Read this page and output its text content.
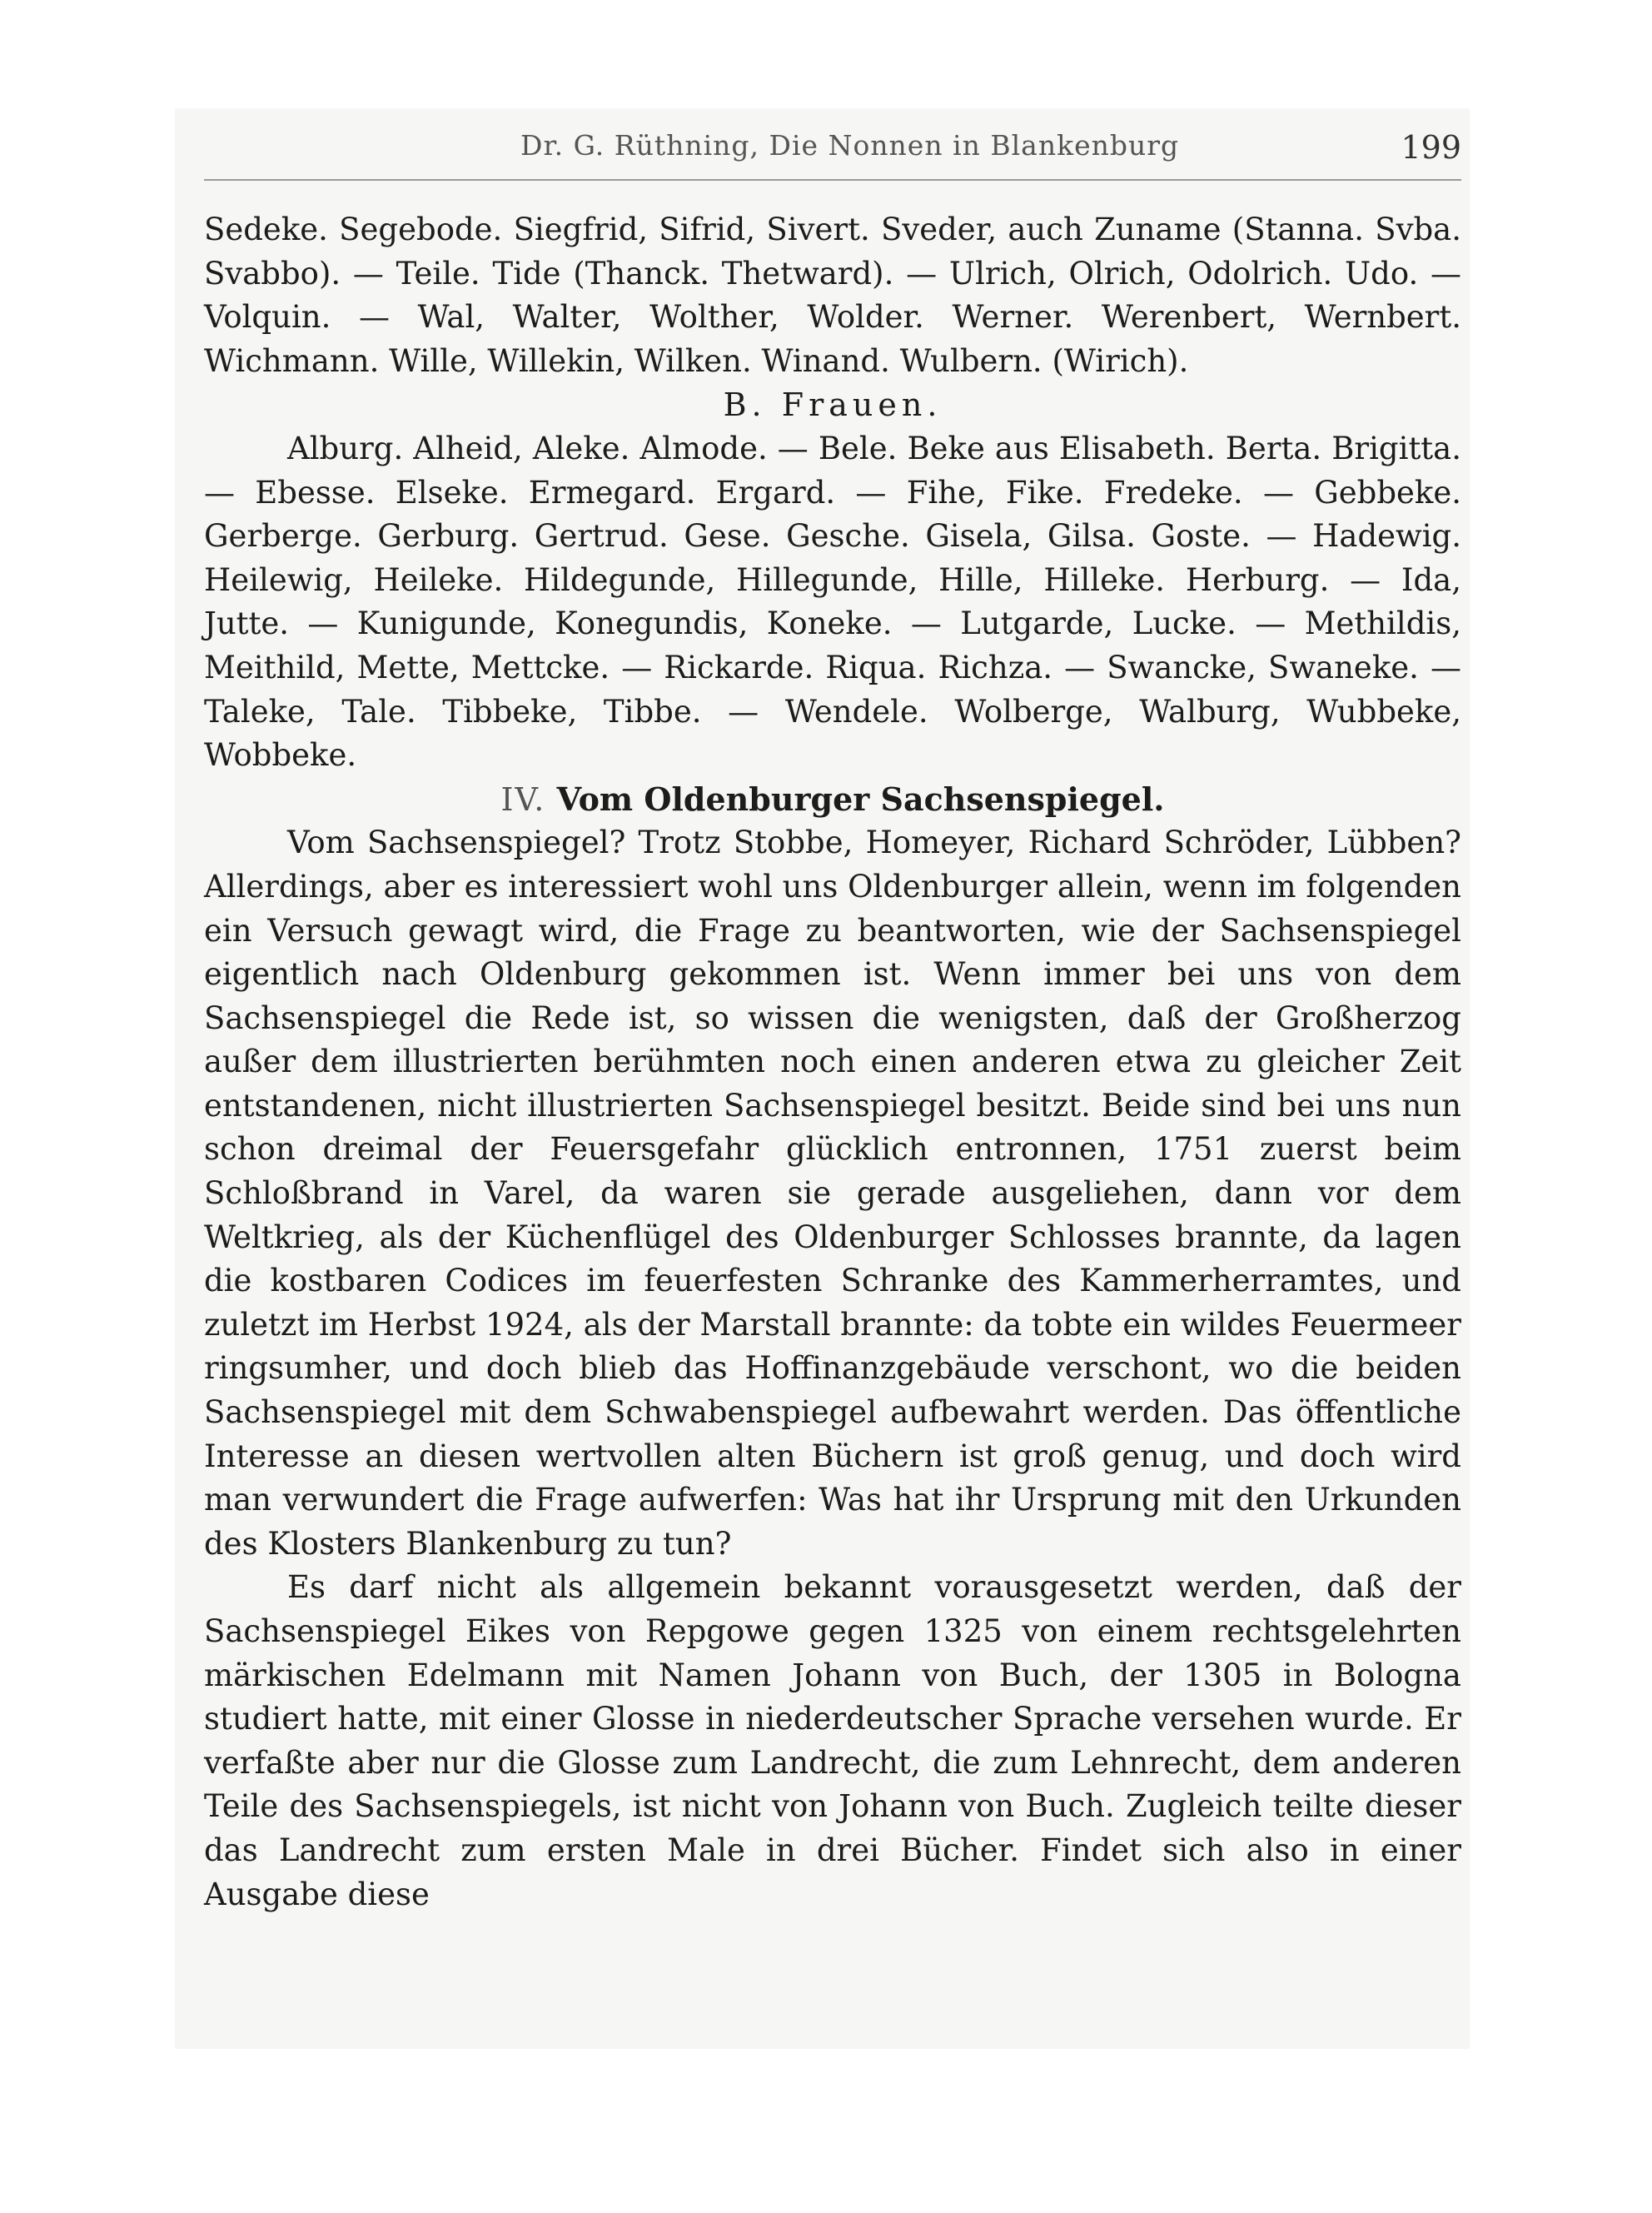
Dr. G. Rüthning, Die Nonnen in Blankenburg	199

Sedeke. Segebode. Siegfrid, Sifrid, Sivert. Sveder, auch Zuname (Stanna. Svba. Svabbo). — Teile. Tide (Thanck. Thetward). — Ulrich, Olrich, Odolrich. Udo. — Volquin. — Wal, Walter, Wolther, Wolder. Werner. Werenbert, Wernbert. Wichmann. Wille, Willekin, Wilken. Winand. Wulbern. (Wirich).

B. Frauen.

Alburg. Alheid, Aleke. Almode. — Bele. Beke aus Elisabeth. Berta. Brigitta. — Ebesse. Elseke. Ermegard. Ergard. — Fihe, Fike. Fredeke. — Gebbeke. Gerberge. Gerburg. Gertrud. Gese. Gesche. Gisela, Gilsa. Goste. — Hadewig. Heilewig, Heileke. Hildegunde, Hillegunde, Hille, Hilleke. Herburg. — Ida, Jutte. — Kunigunde, Konegundis, Koneke. — Lutgarde, Lucke. — Methildis, Meithild, Mette, Mettcke. — Rickarde. Riqua. Richza. — Swancke, Swaneke. — Taleke, Tale. Tibbeke, Tibbe. — Wendele. Wolberge, Walburg, Wubbeke, Wobbeke.

IV. Vom Oldenburger Sachsenspiegel.

Vom Sachsenspiegel? Trotz Stobbe, Homeyer, Richard Schröder, Lübben? Allerdings, aber es interessiert wohl uns Oldenburger allein, wenn im folgenden ein Versuch gewagt wird, die Frage zu beantworten, wie der Sachsenspiegel eigentlich nach Oldenburg gekommen ist. Wenn immer bei uns von dem Sachsenspiegel die Rede ist, so wissen die wenigsten, daß der Großherzog außer dem illustrierten berühmten noch einen anderen etwa zu gleicher Zeit entstandenen, nicht illustrierten Sachsenspiegel besitzt. Beide sind bei uns nun schon dreimal der Feuersgefahr glücklich entronnen, 1751 zuerst beim Schloßbrand in Varel, da waren sie gerade ausgeliehen, dann vor dem Weltkrieg, als der Küchenflügel des Oldenburger Schlosses brannte, da lagen die kostbaren Codices im feuerfesten Schranke des Kammerherramtes, und zuletzt im Herbst 1924, als der Marstall brannte: da tobte ein wildes Feuermeer ringsumher, und doch blieb das Hoffinanzgebäude verschont, wo die beiden Sachsenspiegel mit dem Schwabenspiegel aufbewahrt werden. Das öffentliche Interesse an diesen wertvollen alten Büchern ist groß genug, und doch wird man verwundert die Frage aufwerfen: Was hat ihr Ursprung mit den Urkunden des Klosters Blankenburg zu tun?

Es darf nicht als allgemein bekannt vorausgesetzt werden, daß der Sachsenspiegel Eikes von Repgowe gegen 1325 von einem rechtsgelehrten märkischen Edelmann mit Namen Johann von Buch, der 1305 in Bologna studiert hatte, mit einer Glosse in niederdeutscher Sprache versehen wurde. Er verfaßte aber nur die Glosse zum Landrecht, die zum Lehnrecht, dem anderen Teile des Sachsenspiegels, ist nicht von Johann von Buch. Zugleich teilte dieser das Landrecht zum ersten Male in drei Bücher. Findet sich also in einer Ausgabe diese
